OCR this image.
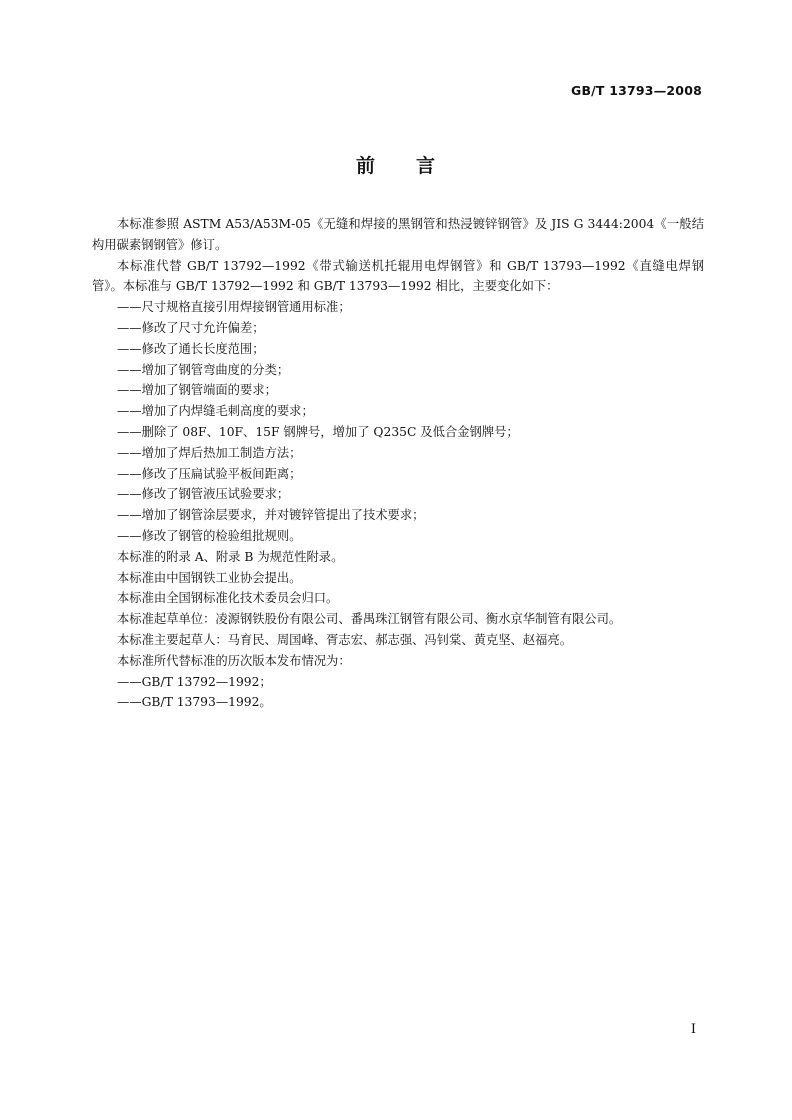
GB/T 13793—2008
前　　言

本标准参照 ASTM A53/A53M-05《无缝和焊接的黑钢管和热浸镀锌钢管》及 JIS G 3444:2004《一般结构用碳素钢钢管》修订。

本标准代替 GB/T 13792—1992《带式输送机托辊用电焊钢管》和 GB/T 13793—1992《直缝电焊钢管》。本标准与 GB/T 13792—1992 和 GB/T 13793—1992 相比，主要变化如下：

——尺寸规格直接引用焊接钢管通用标准；

——修改了尺寸允许偏差；

——修改了通长长度范围；

——增加了钢管弯曲度的分类；

——增加了钢管端面的要求；

——增加了内焊缝毛刺高度的要求；

——删除了 08F、10F、15F 钢牌号，增加了 Q235C 及低合金钢牌号；

——增加了焊后热加工制造方法；

——修改了压扁试验平板间距离；

——修改了钢管液压试验要求；

——增加了钢管涂层要求，并对镀锌管提出了技术要求；

——修改了钢管的检验组批规则。

本标准的附录 A、附录 B 为规范性附录。

本标准由中国钢铁工业协会提出。

本标准由全国钢标准化技术委员会归口。

本标准起草单位：凌源钢铁股份有限公司、番禺珠江钢管有限公司、衡水京华制管有限公司。

本标准主要起草人：马育民、周国峰、胥志宏、郝志强、冯钊棠、黄克坚、赵福亮。

本标准所代替标准的历次版本发布情况为：

——GB/T 13792—1992；

——GB/T 13793—1992。

I
